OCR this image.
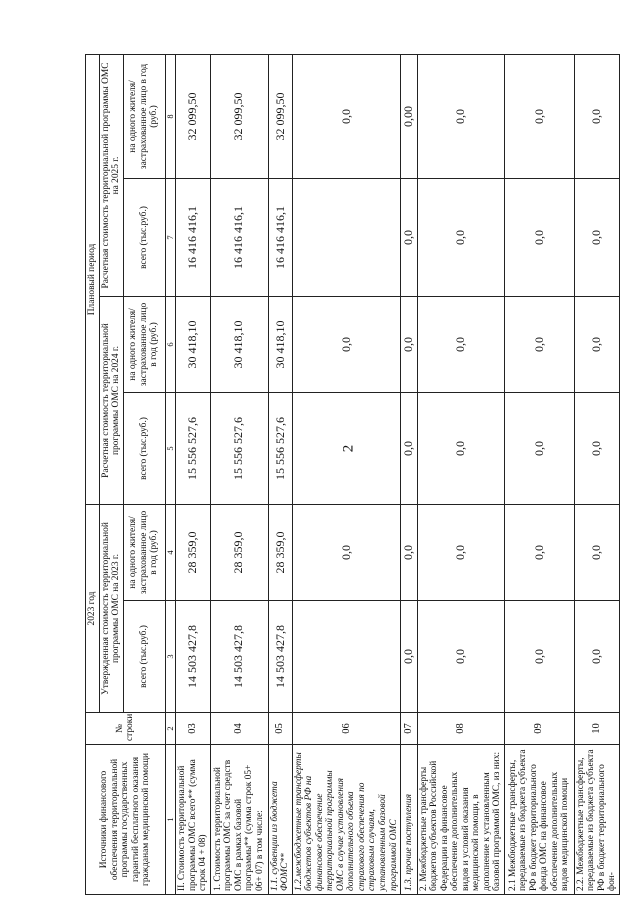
2
Источники финансового обеспечения территориальной программы государственных гарантий бесплатного оказания гражданам медицинской помощи	№ строки	2023 год		Плановый период			
		Утвержденная стоимость территориальной программы ОМС на 2023 г.		Расчетная стоимость территориальной программы ОМС на 2024 г.		Расчетная стоимость территориальной программы ОМС на 2025 г.	
		всего (тыс.руб.)	на одного жителя/застрахованное лицо в год (руб.)	всего (тыс.руб.)	на одного жителя/застрахованное лицо в год (руб.)	всего (тыс.руб.)	на одного жителя/застрахованное лицо в год (руб.)
1	2	3	4	5	6	7	8
II. Стоимость территориальной программы ОМС всего** (сумма строк 04 + 08)	03	14 503 427,8	28 359,0	15 556 527,6	30 418,10	16 416 416,1	32 099,50
1. Стоимость территориальной программы ОМС за счет средств ОМС в рамках базовой программы** (сумма строк 05+ 06+ 07) в том числе:	04	14 503 427,8	28 359,0	15 556 527,6	30 418,10	16 416 416,1	32 099,50
1.1. субвенции из бюджета ФОМС**	05	14 503 427,8	28 359,0	15 556 527,6	30 418,10	16 416 416,1	32 099,50
1.2.межбюджетные трансферты бюджетов субъектов РФ на финансовое обеспечение территориальной программы ОМС в случае установления дополнительного объема страхового обеспечения по страховым случаям, установленным базовой программой ОМС	06		0,0		0,0		0,0
1.3. прочие поступления	07	0,0	0,0	0,0	0,0	0,0	0,00
2. Межбюджетные трансферты бюджетов субъектов Российской Федерации на финансовое обеспечение дополнительных видов и условий оказания медицинской помощи, в дополнение к установленным базовой программой ОМС, из них:	08	0,0	0,0	0,0	0,0	0,0	0,0
2.1 Межбюджетные трансферты, передаваемые из бюджета субъекта РФ в бюджет территориального фонда ОМС на финансовое обеспечение дополнительных видов медицинской помощи	09	0,0	0,0	0,0	0,0	0,0	0,0
2.2. Межбюджетные трансферты, передаваемые из бюджета субъекта РФ в бюджет территориального фон-	10	0,0	0,0	0,0	0,0	0,0	0,0
